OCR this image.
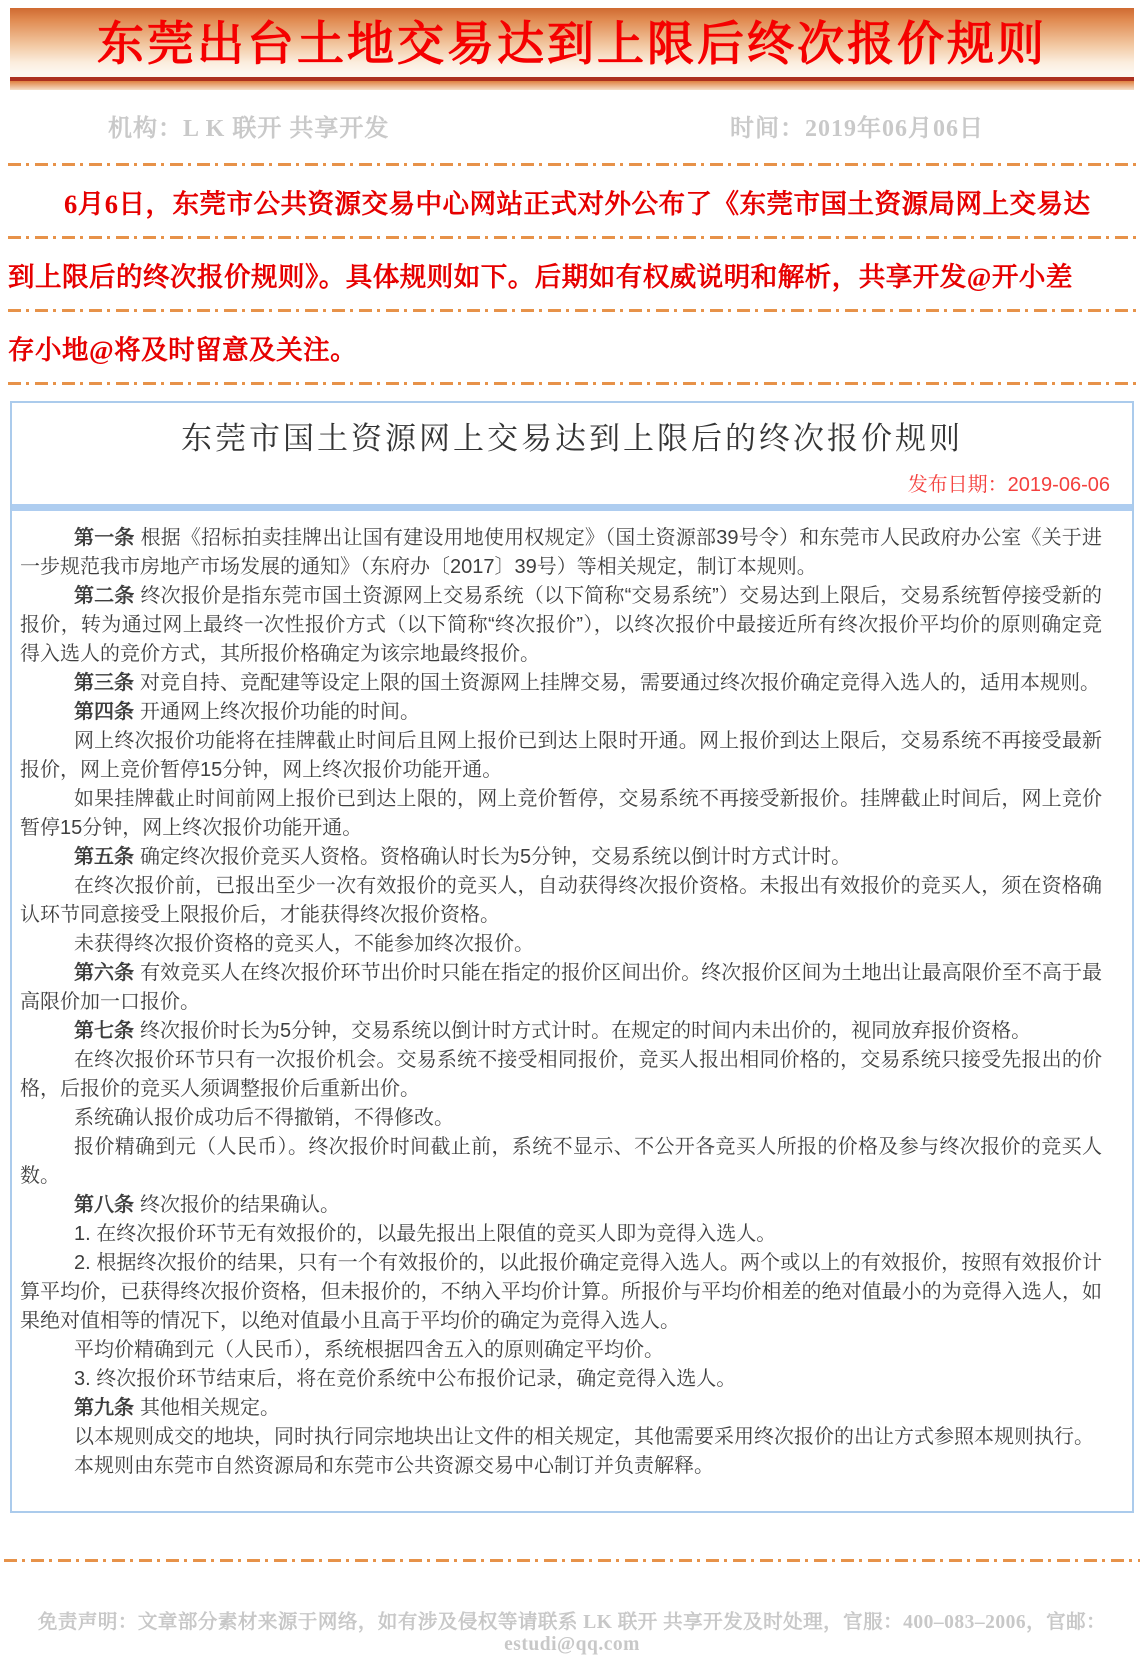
东莞出台土地交易达到上限后终次报价规则
机构：L K 联开 共享开发	时间：2019年06月06日
6月6日，东莞市公共资源交易中心网站正式对外公布了《东莞市国土资源局网上交易达
到上限后的终次报价规则》。具体规则如下。后期如有权威说明和解析，共享开发@开小差
存小地@将及时留意及关注。
东莞市国土资源网上交易达到上限后的终次报价规则
发布日期：2019-06-06

第一条 根据《招标拍卖挂牌出让国有建设用地使用权规定》（国土资源部39号令）和东莞市人民政府办公室《关于进一步规范我市房地产市场发展的通知》（东府办〔2017〕39号）等相关规定，制订本规则。

第二条 终次报价是指东莞市国土资源网上交易系统（以下简称“交易系统”）交易达到上限后，交易系统暂停接受新的报价，转为通过网上最终一次性报价方式（以下简称“终次报价”），以终次报价中最接近所有终次报价平均价的原则确定竞得入选人的竞价方式，其所报价格确定为该宗地最终报价。

第三条 对竞自持、竞配建等设定上限的国土资源网上挂牌交易，需要通过终次报价确定竞得入选人的，适用本规则。

第四条 开通网上终次报价功能的时间。

网上终次报价功能将在挂牌截止时间后且网上报价已到达上限时开通。网上报价到达上限后，交易系统不再接受最新报价，网上竞价暂停15分钟，网上终次报价功能开通。

如果挂牌截止时间前网上报价已到达上限的，网上竞价暂停，交易系统不再接受新报价。挂牌截止时间后，网上竞价暂停15分钟，网上终次报价功能开通。

第五条 确定终次报价竞买人资格。资格确认时长为5分钟，交易系统以倒计时方式计时。

在终次报价前，已报出至少一次有效报价的竞买人，自动获得终次报价资格。未报出有效报价的竞买人，须在资格确认环节同意接受上限报价后，才能获得终次报价资格。

未获得终次报价资格的竞买人，不能参加终次报价。

第六条 有效竞买人在终次报价环节出价时只能在指定的报价区间出价。终次报价区间为土地出让最高限价至不高于最高限价加一口报价。

第七条 终次报价时长为5分钟，交易系统以倒计时方式计时。在规定的时间内未出价的，视同放弃报价资格。

在终次报价环节只有一次报价机会。交易系统不接受相同报价，竞买人报出相同价格的，交易系统只接受先报出的价格，后报价的竞买人须调整报价后重新出价。

系统确认报价成功后不得撤销，不得修改。

报价精确到元（人民币）。终次报价时间截止前，系统不显示、不公开各竞买人所报的价格及参与终次报价的竞买人数。

第八条 终次报价的结果确认。

1. 在终次报价环节无有效报价的，以最先报出上限值的竞买人即为竞得入选人。

2. 根据终次报价的结果，只有一个有效报价的，以此报价确定竞得入选人。两个或以上的有效报价，按照有效报价计算平均价，已获得终次报价资格，但未报价的，不纳入平均价计算。所报价与平均价相差的绝对值最小的为竞得入选人，如果绝对值相等的情况下，以绝对值最小且高于平均价的确定为竞得入选人。

平均价精确到元（人民币），系统根据四舍五入的原则确定平均价。

3. 终次报价环节结束后，将在竞价系统中公布报价记录，确定竞得入选人。

第九条 其他相关规定。

以本规则成交的地块，同时执行同宗地块出让文件的相关规定，其他需要采用终次报价的出让方式参照本规则执行。

本规则由东莞市自然资源局和东莞市公共资源交易中心制订并负责解释。

免责声明：文章部分素材来源于网络，如有涉及侵权等请联系 LK 联开 共享开发及时处理，官服：400–083–2006，官邮：estudi@qq.com
